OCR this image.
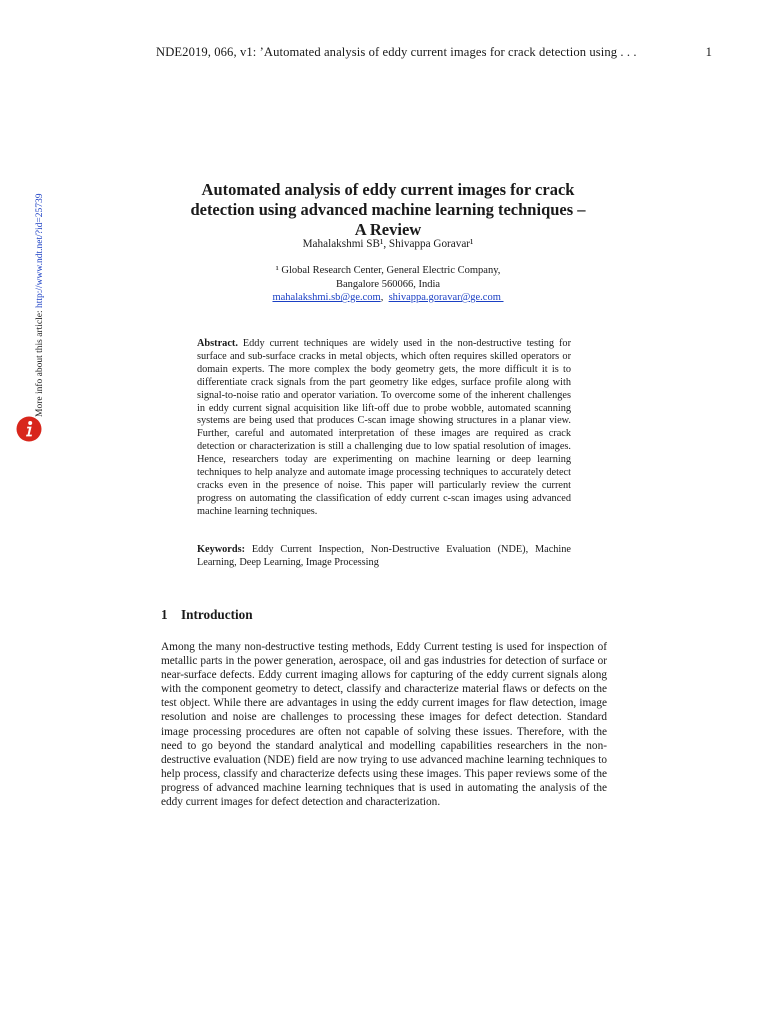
NDE2019, 066, v1: ’Automated analysis of eddy current images for crack detection using . . .	1
More info about this article: http://www.ndt.net/?id=25739
Automated analysis of eddy current images for crack
detection using advanced machine learning techniques –
A Review
Mahalakshmi SB¹, Shivappa Goravar¹
¹ Global Research Center, General Electric Company,
Bangalore 560066, India
mahalakshmi.sb@ge.com,  shivappa.goravar@ge.com
Abstract. Eddy current techniques are widely used in the non-destructive testing for surface and sub-surface cracks in metal objects, which often requires skilled operators or domain experts. The more complex the body geometry gets, the more difficult it is to differentiate crack signals from the part geometry like edges, surface profile along with signal-to-noise ratio and operator variation. To overcome some of the inherent challenges in eddy current signal acquisition like lift-off due to probe wobble, automated scanning systems are being used that produces C-scan image showing structures in a planar view. Further, careful and automated interpretation of these images are required as crack detection or characterization is still a challenging due to low spatial resolution of images. Hence, researchers today are experimenting on machine learning or deep learning techniques to help analyze and automate image processing techniques to accurately detect cracks even in the presence of noise. This paper will particularly review the current progress on automating the classification of eddy current c-scan images using advanced machine learning techniques.
Keywords: Eddy Current Inspection, Non-Destructive Evaluation (NDE), Machine Learning, Deep Learning, Image Processing
1 Introduction
Among the many non-destructive testing methods, Eddy Current testing is used for inspection of metallic parts in the power generation, aerospace, oil and gas industries for detection of surface or near-surface defects. Eddy current imaging allows for capturing of the eddy current signals along with the component geometry to detect, classify and characterize material flaws or defects on the test object. While there are advantages in using the eddy current images for flaw detection, image resolution and noise are challenges to processing these images for defect detection. Standard image processing procedures are often not capable of solving these issues. Therefore, with the need to go beyond the standard analytical and modelling capabilities researchers in the non-destructive evaluation (NDE) field are now trying to use advanced machine learning techniques to help process, classify and characterize defects using these images. This paper reviews some of the progress of advanced machine learning techniques that is used in automating the analysis of the eddy current images for defect detection and characterization.
